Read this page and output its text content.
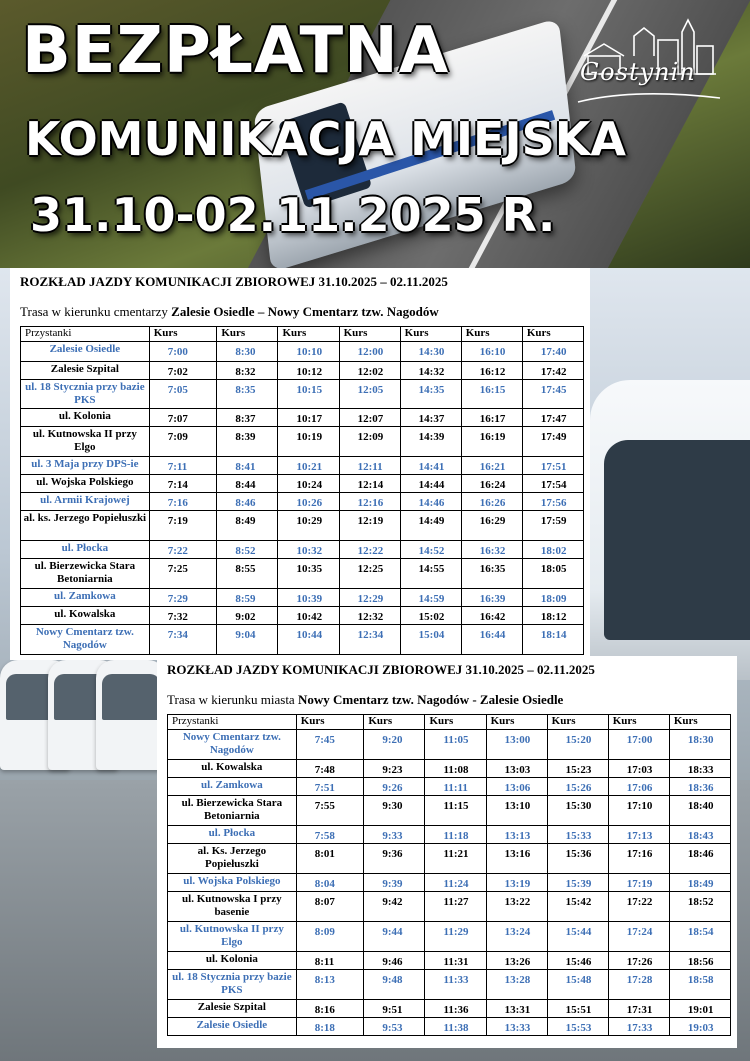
BEZPŁATNA
KOMUNIKACJA MIEJSKA
31.10-02.11.2025 R.
Gostynin
ROZKŁAD JAZDY KOMUNIKACJI ZBIOROWEJ 31.10.2025 – 02.11.2025
Trasa w kierunku cmentarzy Zalesie Osiedle – Nowy Cmentarz tzw. Nagodów
Przystanki	Kurs	Kurs	Kurs	Kurs	Kurs	Kurs	Kurs
Zalesie Osiedle	7:00	8:30	10:10	12:00	14:30	16:10	17:40
Zalesie Szpital	7:02	8:32	10:12	12:02	14:32	16:12	17:42
ul. 18 Stycznia przy bazie PKS	7:05	8:35	10:15	12:05	14:35	16:15	17:45
ul. Kolonia	7:07	8:37	10:17	12:07	14:37	16:17	17:47
ul. Kutnowska II przy Elgo	7:09	8:39	10:19	12:09	14:39	16:19	17:49
ul. 3 Maja przy DPS-ie	7:11	8:41	10:21	12:11	14:41	16:21	17:51
ul. Wojska Polskiego	7:14	8:44	10:24	12:14	14:44	16:24	17:54
ul. Armii Krajowej	7:16	8:46	10:26	12:16	14:46	16:26	17:56
al. ks. Jerzego Popiełuszki	7:19	8:49	10:29	12:19	14:49	16:29	17:59
ul. Płocka	7:22	8:52	10:32	12:22	14:52	16:32	18:02
ul. Bierzewicka Stara Betoniarnia	7:25	8:55	10:35	12:25	14:55	16:35	18:05
ul. Zamkowa	7:29	8:59	10:39	12:29	14:59	16:39	18:09
ul. Kowalska	7:32	9:02	10:42	12:32	15:02	16:42	18:12
Nowy Cmentarz tzw. Nagodów	7:34	9:04	10:44	12:34	15:04	16:44	18:14
ROZKŁAD JAZDY KOMUNIKACJI ZBIOROWEJ 31.10.2025 – 02.11.2025
Trasa w kierunku miasta Nowy Cmentarz tzw. Nagodów - Zalesie Osiedle
Przystanki	Kurs	Kurs	Kurs	Kurs	Kurs	Kurs	Kurs
Nowy Cmentarz tzw. Nagodów	7:45	9:20	11:05	13:00	15:20	17:00	18:30
ul. Kowalska	7:48	9:23	11:08	13:03	15:23	17:03	18:33
ul. Zamkowa	7:51	9:26	11:11	13:06	15:26	17:06	18:36
ul. Bierzewicka Stara Betoniarnia	7:55	9:30	11:15	13:10	15:30	17:10	18:40
ul. Płocka	7:58	9:33	11:18	13:13	15:33	17:13	18:43
al. Ks. Jerzego Popiełuszki	8:01	9:36	11:21	13:16	15:36	17:16	18:46
ul. Wojska Polskiego	8:04	9:39	11:24	13:19	15:39	17:19	18:49
ul. Kutnowska I przy basenie	8:07	9:42	11:27	13:22	15:42	17:22	18:52
ul. Kutnowska II przy Elgo	8:09	9:44	11:29	13:24	15:44	17:24	18:54
ul. Kolonia	8:11	9:46	11:31	13:26	15:46	17:26	18:56
ul. 18 Stycznia przy bazie PKS	8:13	9:48	11:33	13:28	15:48	17:28	18:58
Zalesie Szpital	8:16	9:51	11:36	13:31	15:51	17:31	19:01
Zalesie Osiedle	8:18	9:53	11:38	13:33	15:53	17:33	19:03
